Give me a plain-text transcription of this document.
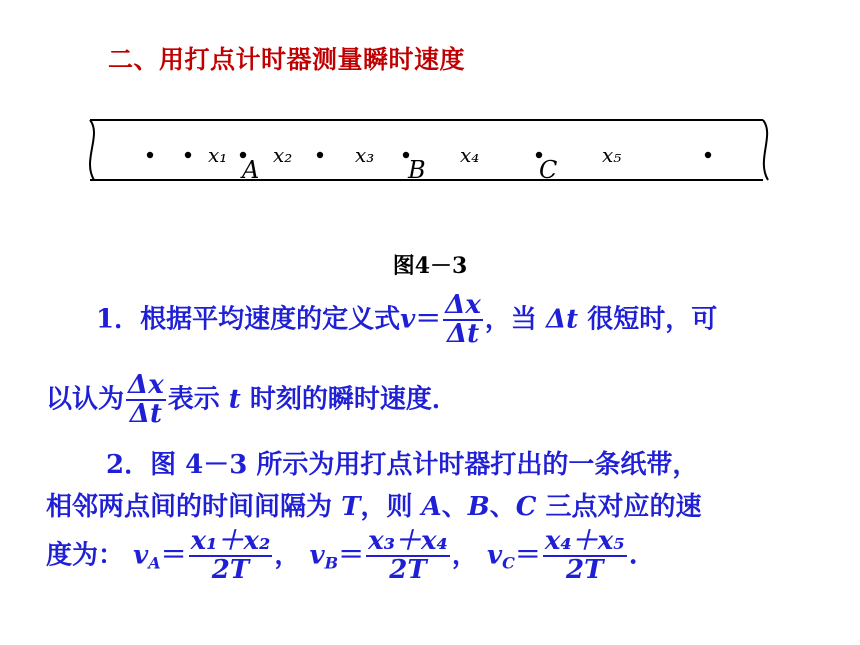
二、用打点计时器测量瞬时速度
x₁ x₂	x₃	x₄	x₅
A	B	C
图4－3
1．根据平均速度的定义式$v= \frac{\Delta x}{\Delta t}$ ，当 Δt 很短时，可
以认为 $\frac{\Delta x}{\Delta t}$ 表示 t 时刻的瞬时速度．
2．图 4－3 所示为用打点计时器打出的一条纸带，
相邻两点间的时间间隔为 T，则 A、B、C 三点对应的速
度为： $v_A= \frac{\text{x₁＋x₂}}{2T}$ ， $v_B= \frac{\text{x₃＋x₄}}{2T}$ ， $v_C= \frac{\text{x₄＋x₅}}{2T}$ .
